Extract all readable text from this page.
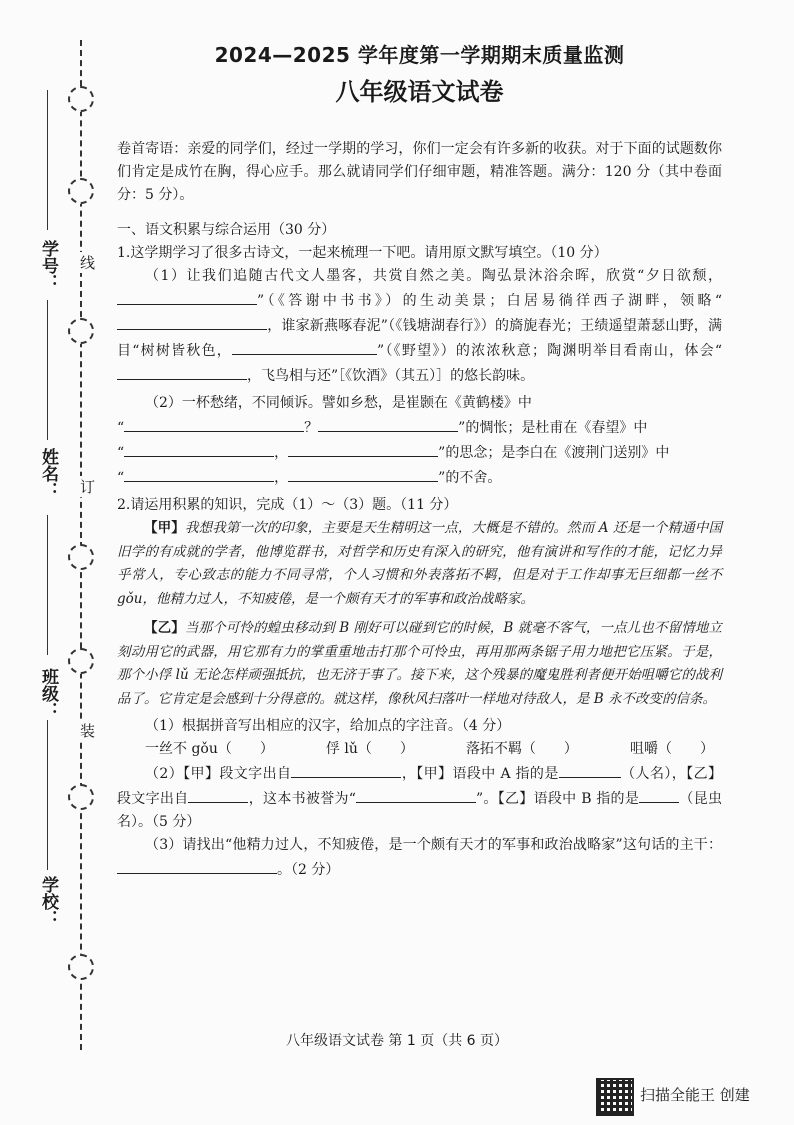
线
订
装
学号：
姓名：
班级：
学校：
2024—2025 学年度第一学期期末质量监测
八年级语文试卷

卷首寄语：亲爱的同学们，经过一学期的学习，你们一定会有许多新的收获。对于下面的试题数你们肯定是成竹在胸，得心应手。那么就请同学们仔细审题，精准答题。满分：120 分（其中卷面分：5 分）。

一、语文积累与综合运用（30 分）

1.这学期学习了很多古诗文，一起来梳理一下吧。请用原文默写填空。（10 分）

（1）让我们追随古代文人墨客，共赏自然之美。陶弘景沐浴余晖，欣赏“夕日欲颓，”（《答谢中书书》）的生动美景；白居易徜徉西子湖畔，领略“，谁家新燕啄春泥”（《钱塘湖春行》）的旖旎春光；王绩遥望萧瑟山野，满目“树树皆秋色，	”（《野望》）的浓浓秋意；陶渊明举目看南山，体会“，飞鸟相与还”［《饮酒》（其五）］的悠长韵味。

（2）一杯愁绪，不同倾诉。譬如乡愁，是崔颢在《黄鹤楼》中
“	？	”的惆怅；是杜甫在《春望》中
“	，	”的思念；是李白在《渡荆门送别》中
“	，	”的不舍。

2.请运用积累的知识，完成（1）～（3）题。（11 分）

【甲】我想我第一次的印象，主要是天生精明这一点，大概是不错的。然而 A 还是一个精通中国旧学的有成就的学者，他博览群书，对哲学和历史有深入的研究，他有演讲和写作的才能，记忆力异乎常人，专心致志的能力不同寻常，个人习惯和外表落拓不羁，但是对于工作却事无巨细都一丝不 gǒu，他精力过人，不知疲倦，是一个颇有天才的军事和政治战略家。

【乙】当那个可怜的蝗虫移动到 B 刚好可以碰到它的时候，B 就毫不客气，一点儿也不留情地立刻动用它的武器，用它那有力的掌重重地击打那个可怜虫，再用那两条锯子用力地把它压紧。于是，那个小俘 lǔ 无论怎样顽强抵抗，也无济于事了。接下来，这个残暴的魔鬼胜利者便开始咀嚼它的战利品了。它肯定是会感到十分得意的。就这样，像秋风扫落叶一样地对待敌人，是 B 永不改变的信条。

（1）根据拼音写出相应的汉字，给加点的字注音。（4 分）

一丝不 gǒu（　　）	俘 lǔ（　　）	落拓不羁（　　）	咀嚼（　　）

（2）【甲】段文字出自	，【甲】语段中 A 指的是	（人名），【乙】段文字出自	，这本书被誉为“	”。【乙】语段中 B 指的是	（昆虫名）。（5 分）

（3）请找出“他精力过人，不知疲倦，是一个颇有天才的军事和政治战略家”这句话的主干：。（2 分）

八年级语文试卷 第 1 页（共 6 页）
扫描全能王 创建
